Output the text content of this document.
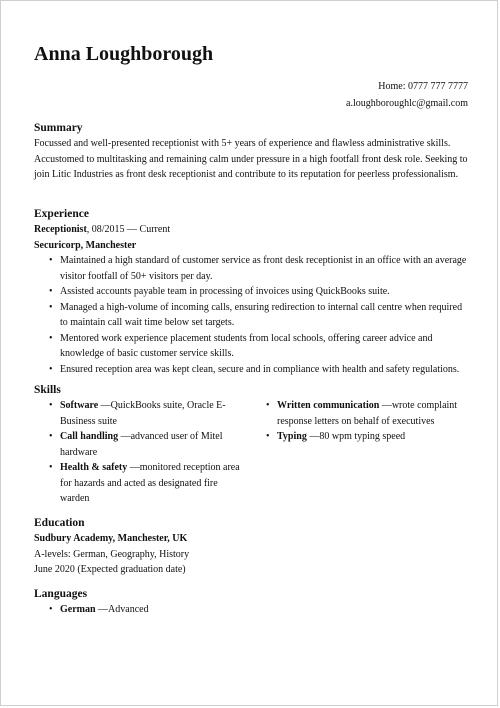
Anna Loughborough
Home: 0777 777 7777
a.loughboroughlc@gmail.com
Summary

Focussed and well-presented receptionist with 5+ years of experience and flawless administrative skills. Accustomed to multitasking and remaining calm under pressure in a high footfall front desk role. Seeking to join Litic Industries as front desk receptionist and contribute to its reputation for peerless professionalism.

Experience
Receptionist, 08/2015 — Current
Securicorp, Manchester
• Maintained a high standard of customer service as front desk receptionist in an office with an average visitor footfall of 50+ visitors per day.
• Assisted accounts payable team in processing of invoices using QuickBooks suite.
• Managed a high-volume of incoming calls, ensuring redirection to internal call centre when required to maintain call wait time below set targets.
• Mentored work experience placement students from local schools, offering career advice and knowledge of basic customer service skills.
• Ensured reception area was kept clean, secure and in compliance with health and safety regulations.
Skills
• Software —QuickBooks suite, Oracle E-Business suite
• Call handling —advanced user of Mitel hardware
• Health & safety —monitored reception area for hazards and acted as designated fire warden
• Written communication —wrote complaint response letters on behalf of executives
• Typing —80 wpm typing speed
Education
Sudbury Academy, Manchester, UK
A-levels: German, Geography, History
June 2020 (Expected graduation date)
Languages
• German —Advanced
